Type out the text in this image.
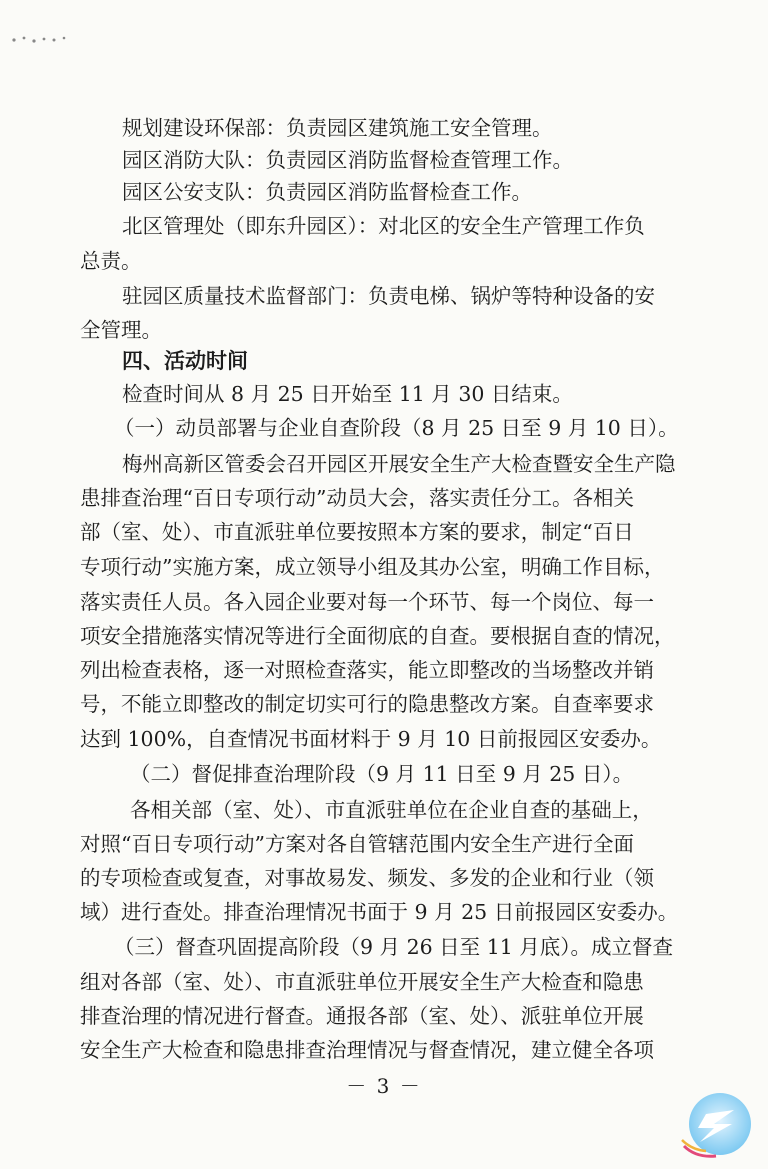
规划建设环保部：负责园区建筑施工安全管理。
园区消防大队：负责园区消防监督检查管理工作。
园区公安支队：负责园区消防监督检查工作。
北区管理处（即东升园区）：对北区的安全生产管理工作负
总责。
驻园区质量技术监督部门：负责电梯、锅炉等特种设备的安
全管理。
四、活动时间
检查时间从 8 月 25 日开始至 11 月 30 日结束。
（一）动员部署与企业自查阶段（8 月 25 日至 9 月 10 日）。
梅州高新区管委会召开园区开展安全生产大检查暨安全生产隐
患排查治理“百日专项行动”动员大会，落实责任分工。各相关
部（室、处）、市直派驻单位要按照本方案的要求，制定“百日
专项行动”实施方案，成立领导小组及其办公室，明确工作目标，
落实责任人员。各入园企业要对每一个环节、每一个岗位、每一
项安全措施落实情况等进行全面彻底的自查。要根据自查的情况，
列出检查表格，逐一对照检查落实，能立即整改的当场整改并销
号，不能立即整改的制定切实可行的隐患整改方案。自查率要求
达到 100%，自查情况书面材料于 9 月 10 日前报园区安委办。
（二）督促排查治理阶段（9 月 11 日至 9 月 25 日）。
各相关部（室、处）、市直派驻单位在企业自查的基础上，
对照“百日专项行动”方案对各自管辖范围内安全生产进行全面
的专项检查或复查，对事故易发、频发、多发的企业和行业（领
域）进行查处。排查治理情况书面于 9 月 25 日前报园区安委办。
（三）督查巩固提高阶段（9 月 26 日至 11 月底）。成立督查
组对各部（室、处）、市直派驻单位开展安全生产大检查和隐患
排查治理的情况进行督查。通报各部（室、处）、派驻单位开展
安全生产大检查和隐患排查治理情况与督查情况，建立健全各项
－ 3 －
